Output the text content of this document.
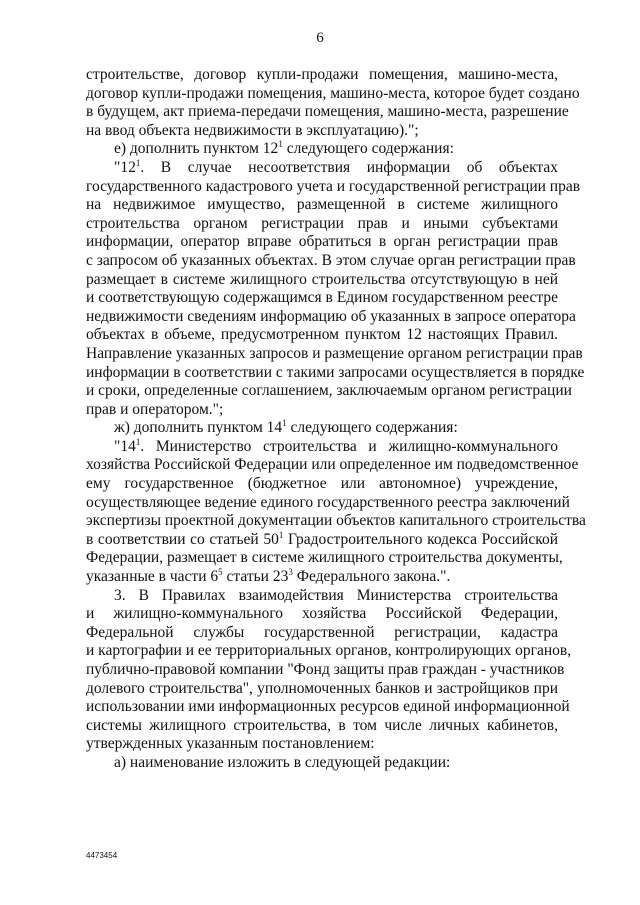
6
строительстве, договор купли-продажи помещения, машино-места,
договор купли-продажи помещения, машино-места, которое будет создано
в будущем, акт приема-передачи помещения, машино-места, разрешение
на ввод объекта недвижимости в эксплуатацию).";
е) дополнить пунктом $12^1$ следующего содержания:
"$12^1$. В случае несоответствия информации об объектах
государственного кадастрового учета и государственной регистрации прав
на недвижимое имущество, размещенной в системе жилищного
строительства органом регистрации прав и иными субъектами
информации, оператор вправе обратиться в орган регистрации прав
с запросом об указанных объектах. В этом случае орган регистрации прав
размещает в системе жилищного строительства отсутствующую в ней
и соответствующую содержащимся в Едином государственном реестре
недвижимости сведениям информацию об указанных в запросе оператора
объектах в объеме, предусмотренном пунктом 12 настоящих Правил.
Направление указанных запросов и размещение органом регистрации прав
информации в соответствии с такими запросами осуществляется в порядке
и сроки, определенные соглашением, заключаемым органом регистрации
прав и оператором.";
ж) дополнить пунктом $14^1$ следующего содержания:
"$14^1$. Министерство строительства и жилищно-коммунального
хозяйства Российской Федерации или определенное им подведомственное
ему государственное (бюджетное или автономное) учреждение,
осуществляющее ведение единого государственного реестра заключений
экспертизы проектной документации объектов капитального строительства
в соответствии со статьей $50^1$ Градостроительного кодекса Российской
Федерации, размещает в системе жилищного строительства документы,
указанные в части $6^5$ статьи $23^3$ Федерального закона.".
3. В Правилах взаимодействия Министерства строительства
и жилищно-коммунального хозяйства Российской Федерации,
Федеральной службы государственной регистрации, кадастра
и картографии и ее территориальных органов, контролирующих органов,
публично-правовой компании "Фонд защиты прав граждан - участников
долевого строительства", уполномоченных банков и застройщиков при
использовании ими информационных ресурсов единой информационной
системы жилищного строительства, в том числе личных кабинетов,
утвержденных указанным постановлением:
а) наименование изложить в следующей редакции:
4473454
